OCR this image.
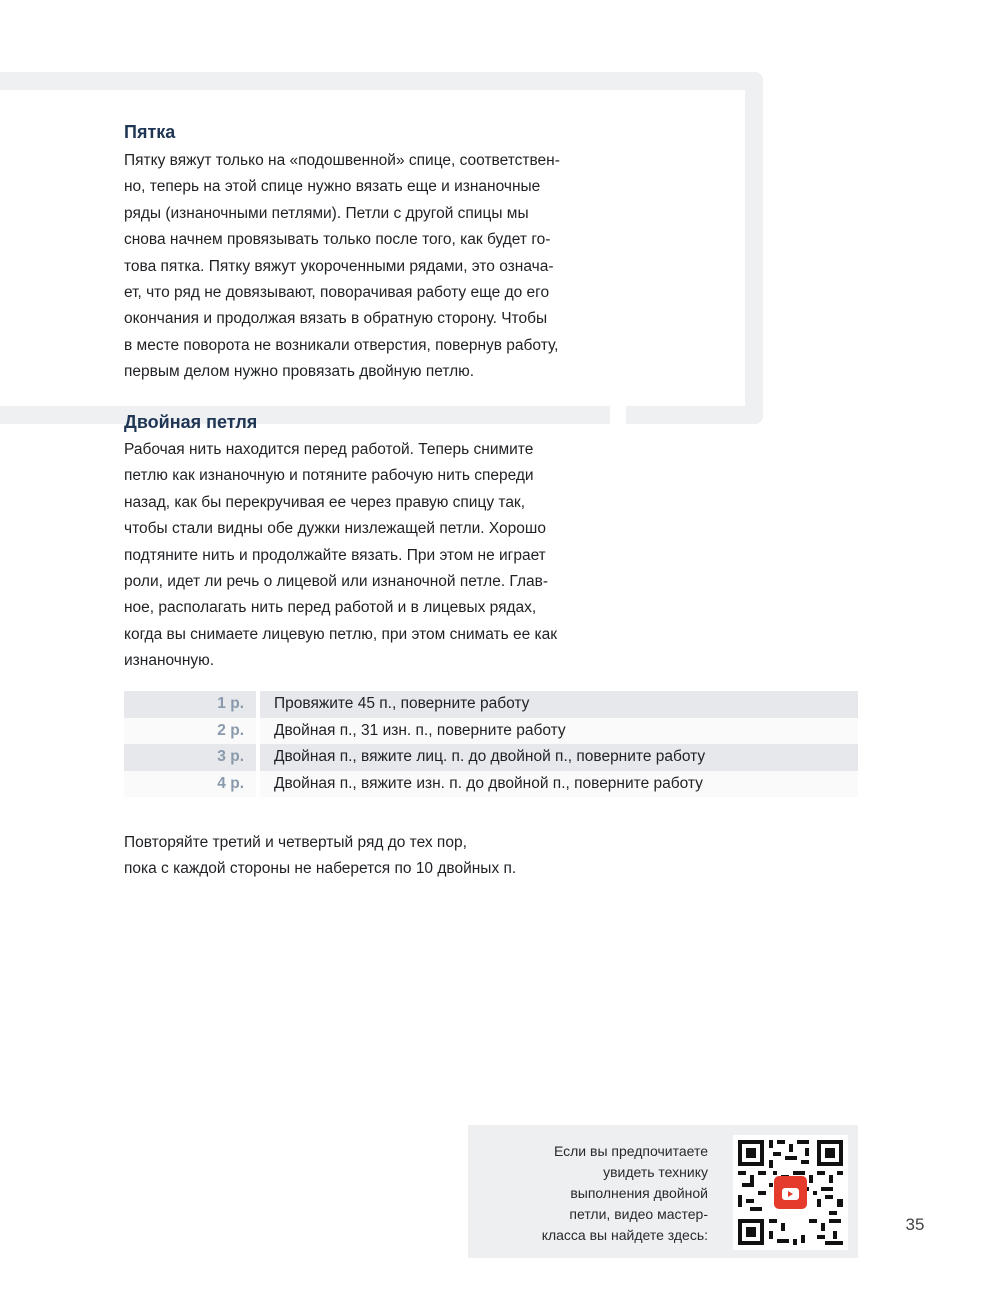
Пятка

Пятку вяжут только на «подошвенной» спице, соответствен-
но, теперь на этой спице нужно вязать еще и изнаночные
ряды (изнаночными петлями). Петли с другой спицы мы
снова начнем провязывать только после того, как будет го-
това пятка. Пятку вяжут укороченными рядами, это означа-
ет, что ряд не довязывают, поворачивая работу еще до его
окончания и продолжая вязать в обратную сторону. Чтобы
в месте поворота не возникали отверстия, повернув работу,
первым делом нужно провязать двойную петлю.

Двойная петля

Рабочая нить находится перед работой. Теперь снимите
петлю как изнаночную и потяните рабочую нить спереди
назад, как бы перекручивая ее через правую спицу так,
чтобы стали видны обе дужки низлежащей петли. Хорошо
подтяните нить и продолжайте вязать. При этом не играет
роли, идет ли речь о лицевой или изнаночной петле. Глав-
ное, располагать нить перед работой и в лицевых рядах,
когда вы снимаете лицевую петлю, при этом снимать ее как
изнаночную.

1 р.	Провяжите 45 п., поверните работу
2 р.	Двойная п., 31 изн. п., поверните работу
3 р.	Двойная п., вяжите лиц. п. до двойной п., поверните работу
4 р.	Двойная п., вяжите изн. п. до двойной п., поверните работу

Повторяйте третий и четвертый ряд до тех пор,
пока с каждой стороны не наберется по 10 двойных п.

Если вы предпочитаете
увидеть технику
выполнения двойной
петли, видео мастер-
класса вы найдете здесь:
35
